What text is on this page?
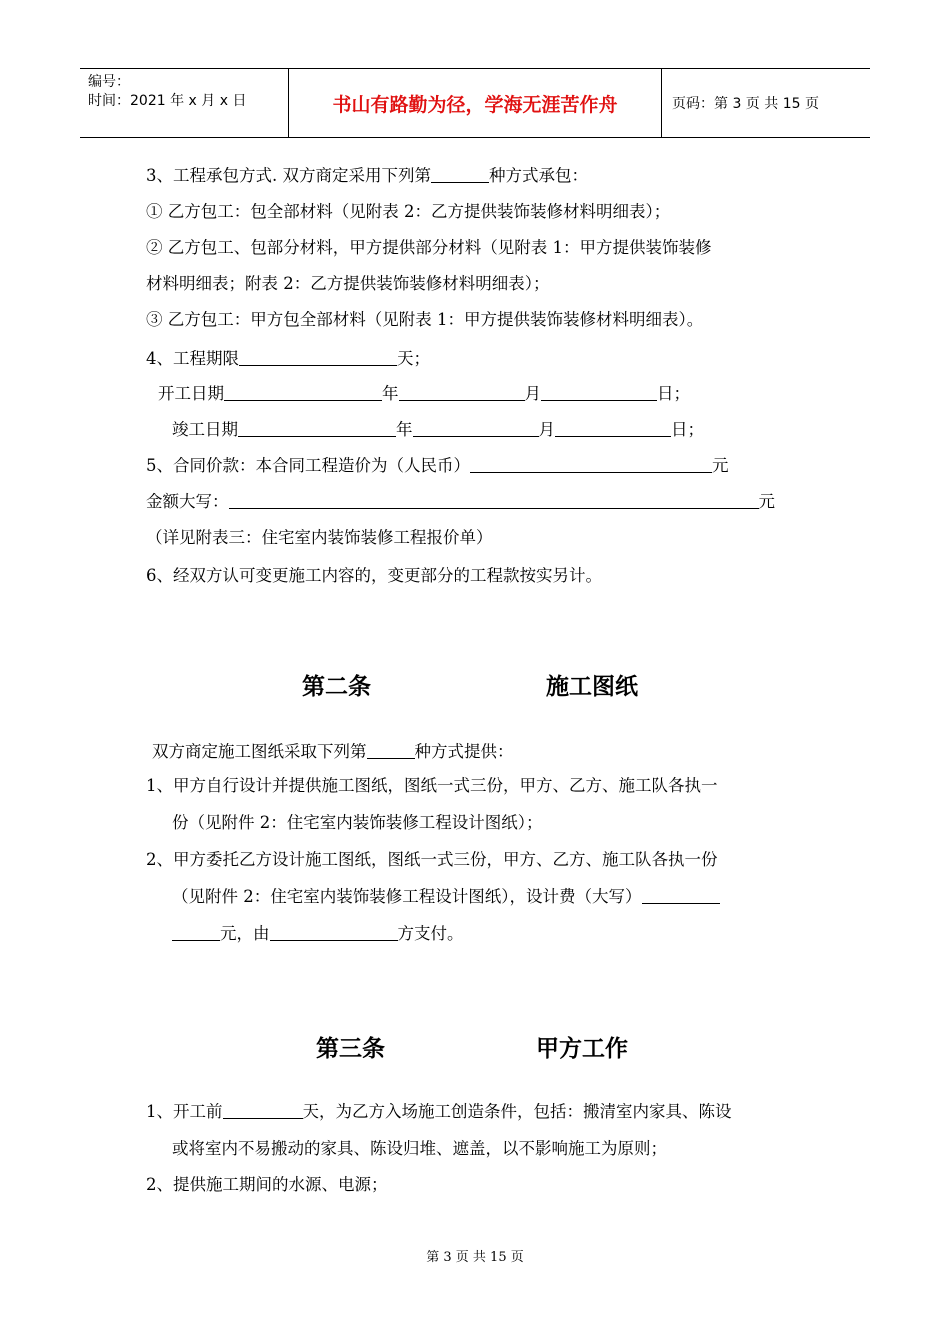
编号：
时间：2021 年 x 月 x 日	书山有路勤为径，学海无涯苦作舟	页码：第 3 页 共 15 页
3、工程承包方式. 双方商定采用下列第	种方式承包：
① 乙方包工：包全部材料（见附表 2：乙方提供装饰装修材料明细表）；
② 乙方包工、包部分材料，甲方提供部分材料（见附表 1：甲方提供装饰装修
材料明细表；附表 2：乙方提供装饰装修材料明细表）；
③ 乙方包工：甲方包全部材料（见附表 1：甲方提供装饰装修材料明细表）。
4、工程期限	天；
开工日期	年	月	日；
竣工日期	年	月	日；
5、合同价款：本合同工程造价为（人民币）	元
金额大写：	元
（详见附表三：住宅室内装饰装修工程报价单）
6、经双方认可变更施工内容的，变更部分的工程款按实另计。
第二条	施工图纸
双方商定施工图纸采取下列第	种方式提供：
1、甲方自行设计并提供施工图纸，图纸一式三份，甲方、乙方、施工队各执一
份（见附件 2：住宅室内装饰装修工程设计图纸）；
2、甲方委托乙方设计施工图纸，图纸一式三份，甲方、乙方、施工队各执一份
（见附件 2：住宅室内装饰装修工程设计图纸），设计费（大写）
元，由	方支付。
第三条	甲方工作
1、开工前	天，为乙方入场施工创造条件，包括：搬清室内家具、陈设
或将室内不易搬动的家具、陈设归堆、遮盖，以不影响施工为原则；
2、提供施工期间的水源、电源；
第 3 页 共 15 页
